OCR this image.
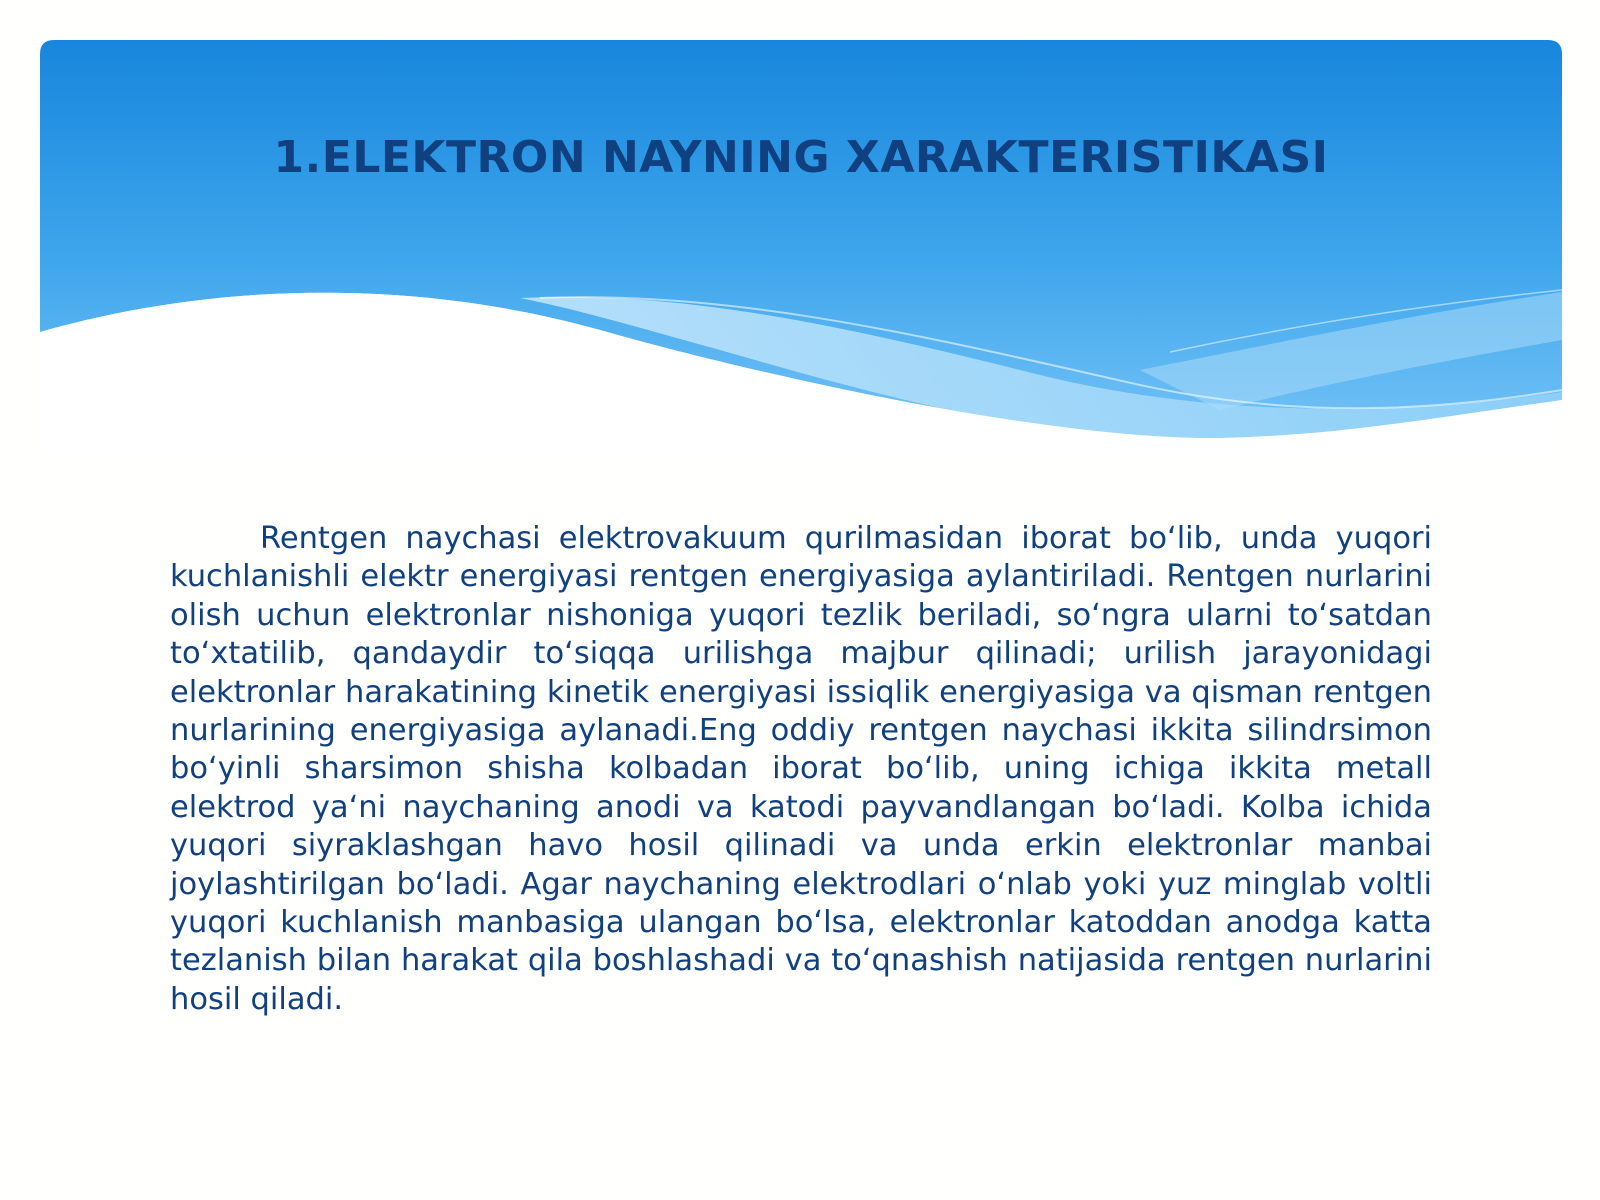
1.ELEKTRON NAYNING XARAKTERISTIKASI

Rentgen naychasi elektrovakuum qurilmasidan iborat boʻlib, unda yuqori kuchlanishli elektr energiyasi rentgen energiyasiga aylantiriladi. Rentgen nurlarini olish uchun elektronlar nishoniga yuqori tezlik beriladi, soʻngra ularni toʻsatdan toʻxtatilib, qandaydir toʻsiqqa urilishga majbur qilinadi; urilish jarayonidagi elektronlar harakatining kinetik energiyasi issiqlik energiyasiga va qisman rentgen nurlarining energiyasiga aylanadi.Eng oddiy rentgen naychasi ikkita silindrsimon boʻyinli sharsimon shisha kolbadan iborat boʻlib, uning ichiga ikkita metall elektrod yaʻni naychaning anodi va katodi payvandlangan boʻladi. Kolba ichida yuqori siyraklashgan havo hosil qilinadi va unda erkin elektronlar manbai joylashtirilgan boʻladi. Agar naychaning elektrodlari oʻnlab yoki yuz minglab voltli yuqori kuchlanish manbasiga ulangan boʻlsa, elektronlar katoddan anodga katta tezlanish bilan harakat qila boshlashadi va toʻqnashish natijasida rentgen nurlarini hosil qiladi.
